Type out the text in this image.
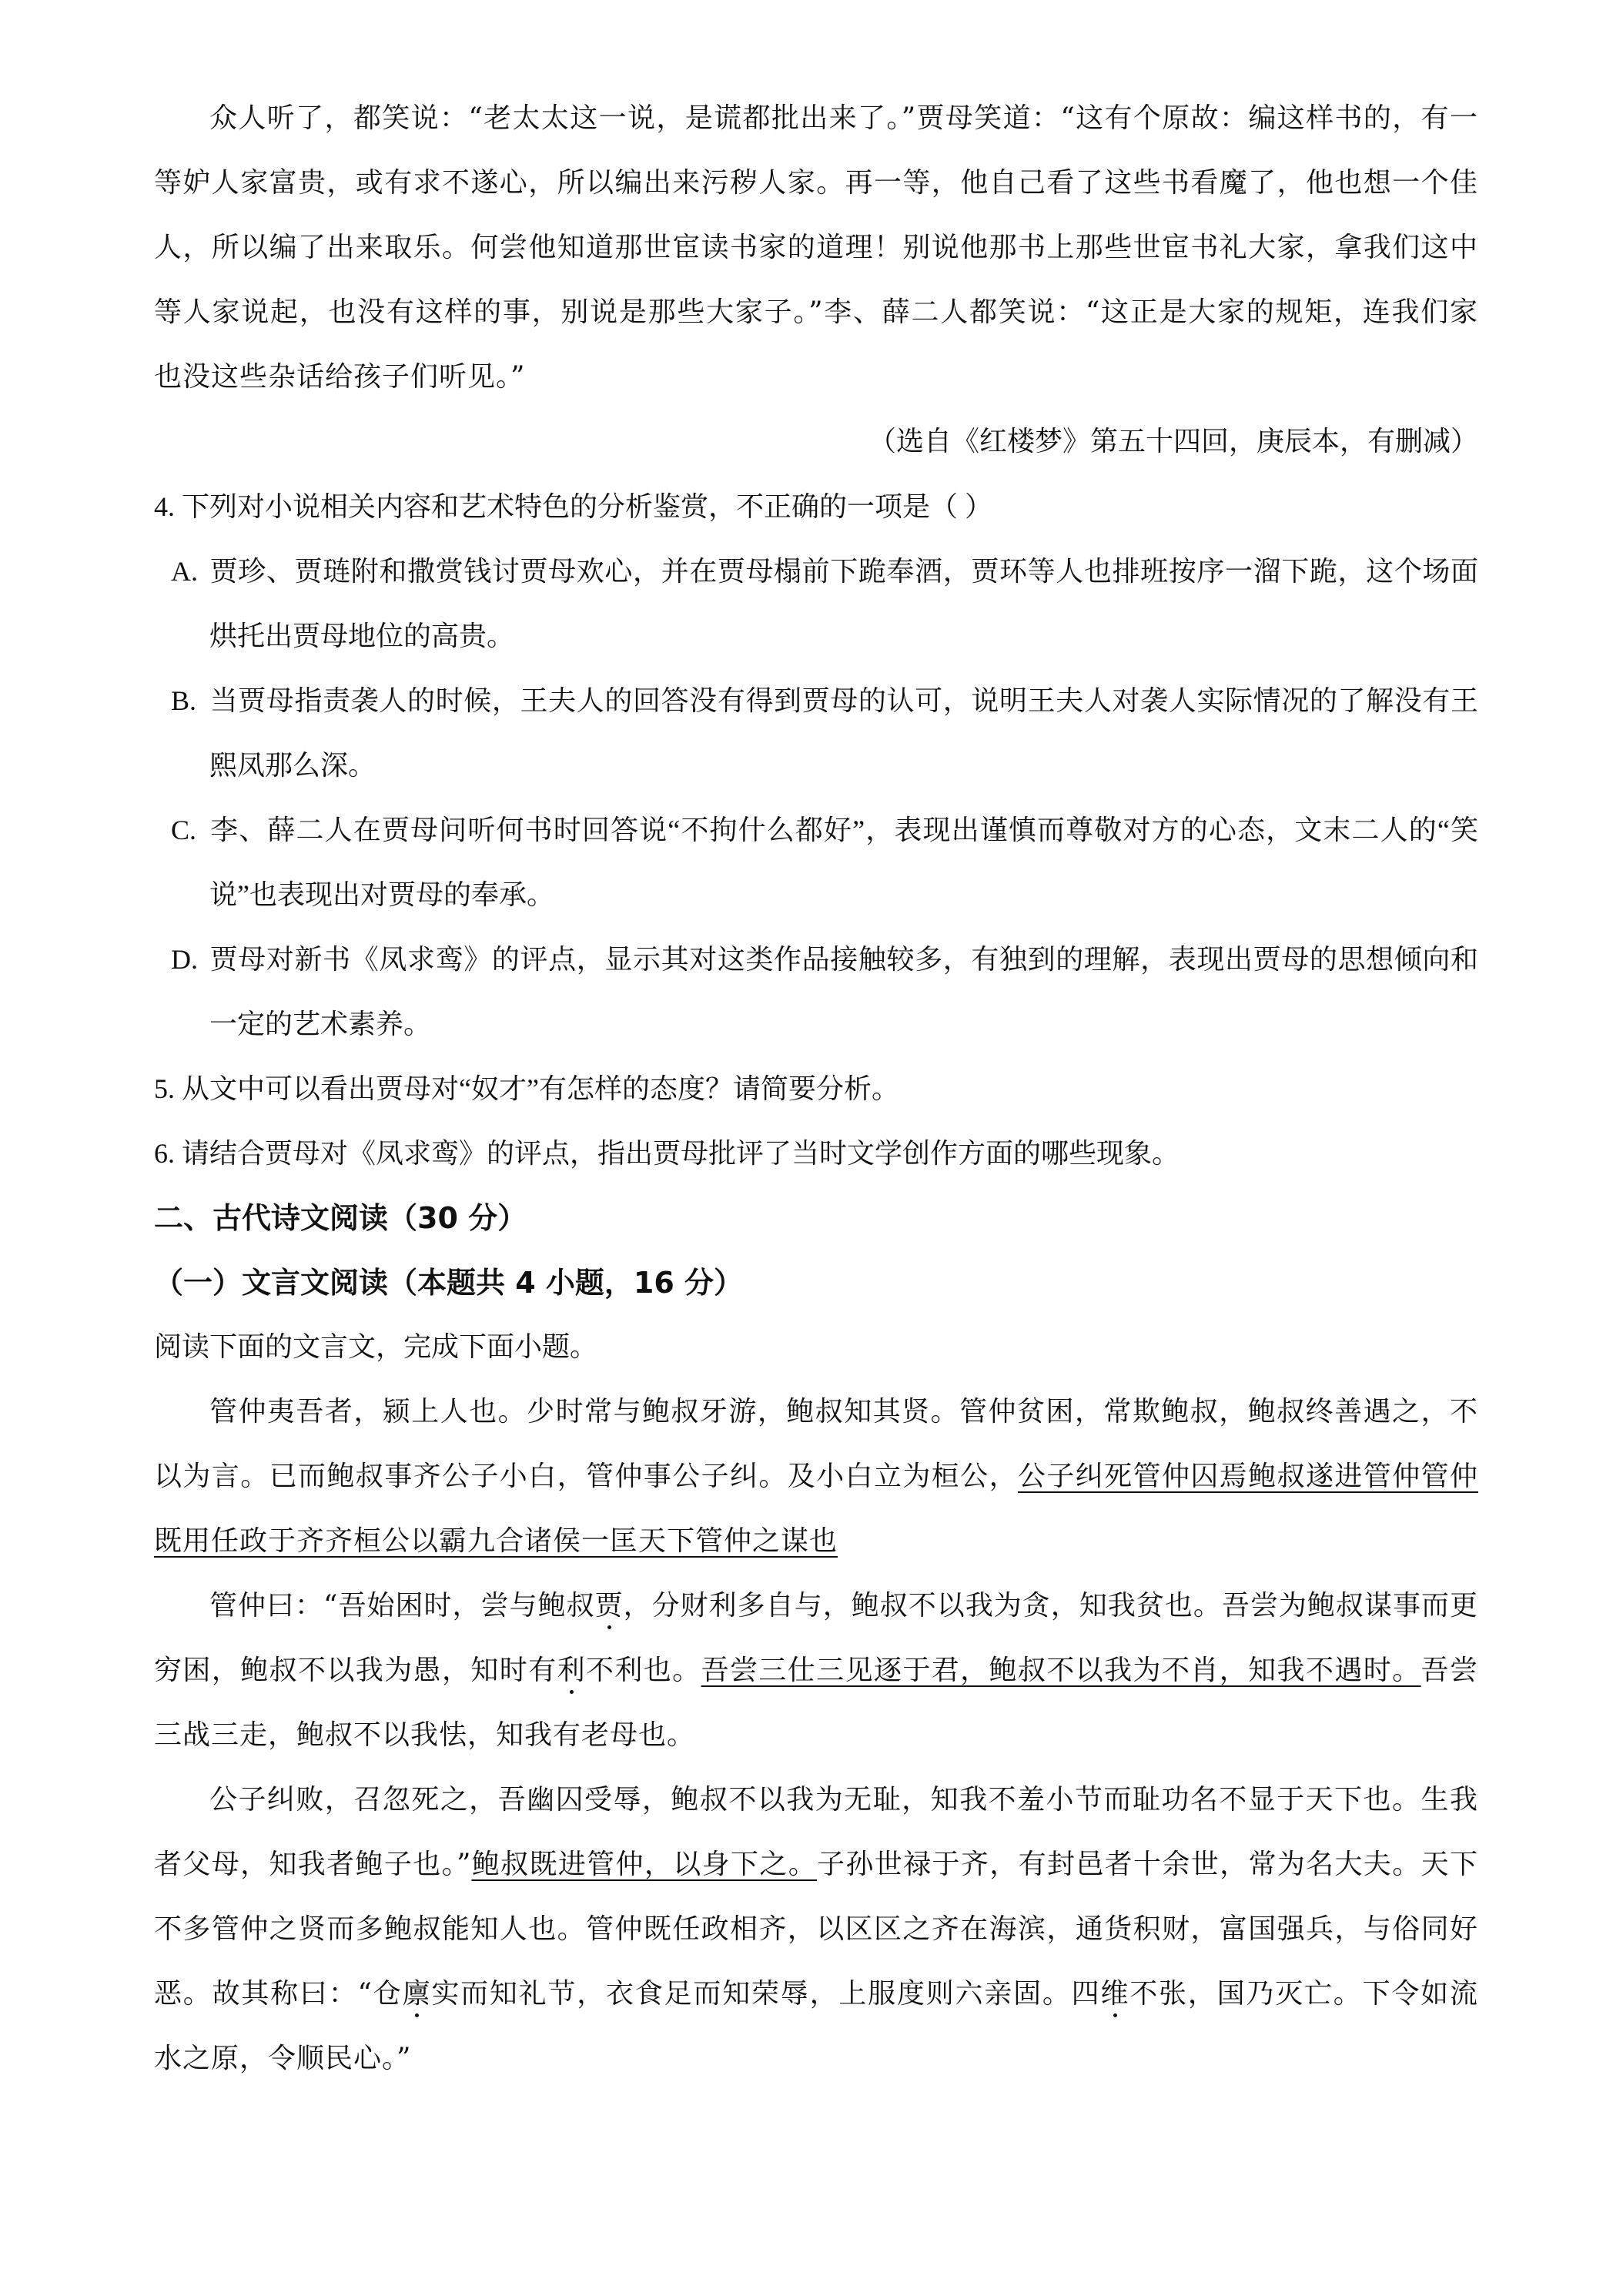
众人听了，都笑说：“老太太这一说，是谎都批出来了。”贾母笑道：“这有个原故：编这样书的，有一等妒人家富贵，或有求不遂心，所以编出来污秽人家。再一等，他自己看了这些书看魔了，他也想一个佳人，所以编了出来取乐。何尝他知道那世宦读书家的道理！别说他那书上那些世宦书礼大家，拿我们这中等人家说起，也没有这样的事，别说是那些大家子。”李、薛二人都笑说：“这正是大家的规矩，连我们家也没这些杂话给孩子们听见。”

（选自《红楼梦》第五十四回，庚辰本，有删减）

4. 下列对小说相关内容和艺术特色的分析鉴赏，不正确的一项是（ ）

A. 贾珍、贾琏附和撒赏钱讨贾母欢心，并在贾母榻前下跪奉酒，贾环等人也排班按序一溜下跪，这个场面烘托出贾母地位的高贵。

B. 当贾母指责袭人的时候，王夫人的回答没有得到贾母的认可，说明王夫人对袭人实际情况的了解没有王熙凤那么深。

C. 李、薛二人在贾母问听何书时回答说“不拘什么都好”，表现出谨慎而尊敬对方的心态，文末二人的“笑说”也表现出对贾母的奉承。

D. 贾母对新书《凤求鸾》的评点，显示其对这类作品接触较多，有独到的理解，表现出贾母的思想倾向和一定的艺术素养。

5. 从文中可以看出贾母对“奴才”有怎样的态度？请简要分析。

6. 请结合贾母对《凤求鸾》的评点，指出贾母批评了当时文学创作方面的哪些现象。

二、古代诗文阅读（30 分）

（一）文言文阅读（本题共 4 小题，16 分）

阅读下面的文言文，完成下面小题。

管仲夷吾者，颍上人也。少时常与鲍叔牙游，鲍叔知其贤。管仲贫困，常欺鲍叔，鲍叔终善遇之，不以为言。已而鲍叔事齐公子小白，管仲事公子纠。及小白立为桓公，公子纠死管仲囚焉鲍叔遂进管仲管仲既用任政于齐齐桓公以霸九合诸侯一匡天下管仲之谋也

管仲曰：“吾始困时，尝与鲍叔贾，分财利多自与，鲍叔不以我为贪，知我贫也。吾尝为鲍叔谋事而更穷困，鲍叔不以我为愚，知时有利不利也。吾尝三仕三见逐于君，鲍叔不以我为不肖，知我不遇时。吾尝三战三走，鲍叔不以我怯，知我有老母也。

公子纠败，召忽死之，吾幽囚受辱，鲍叔不以我为无耻，知我不羞小节而耻功名不显于天下也。生我者父母，知我者鲍子也。”鲍叔既进管仲，以身下之。子孙世禄于齐，有封邑者十余世，常为名大夫。天下不多管仲之贤而多鲍叔能知人也。管仲既任政相齐，以区区之齐在海滨，通货积财，富国强兵，与俗同好恶。故其称曰：“仓廪实而知礼节，衣食足而知荣辱，上服度则六亲固。四维不张，国乃灭亡。下令如流水之原，令顺民心。”
